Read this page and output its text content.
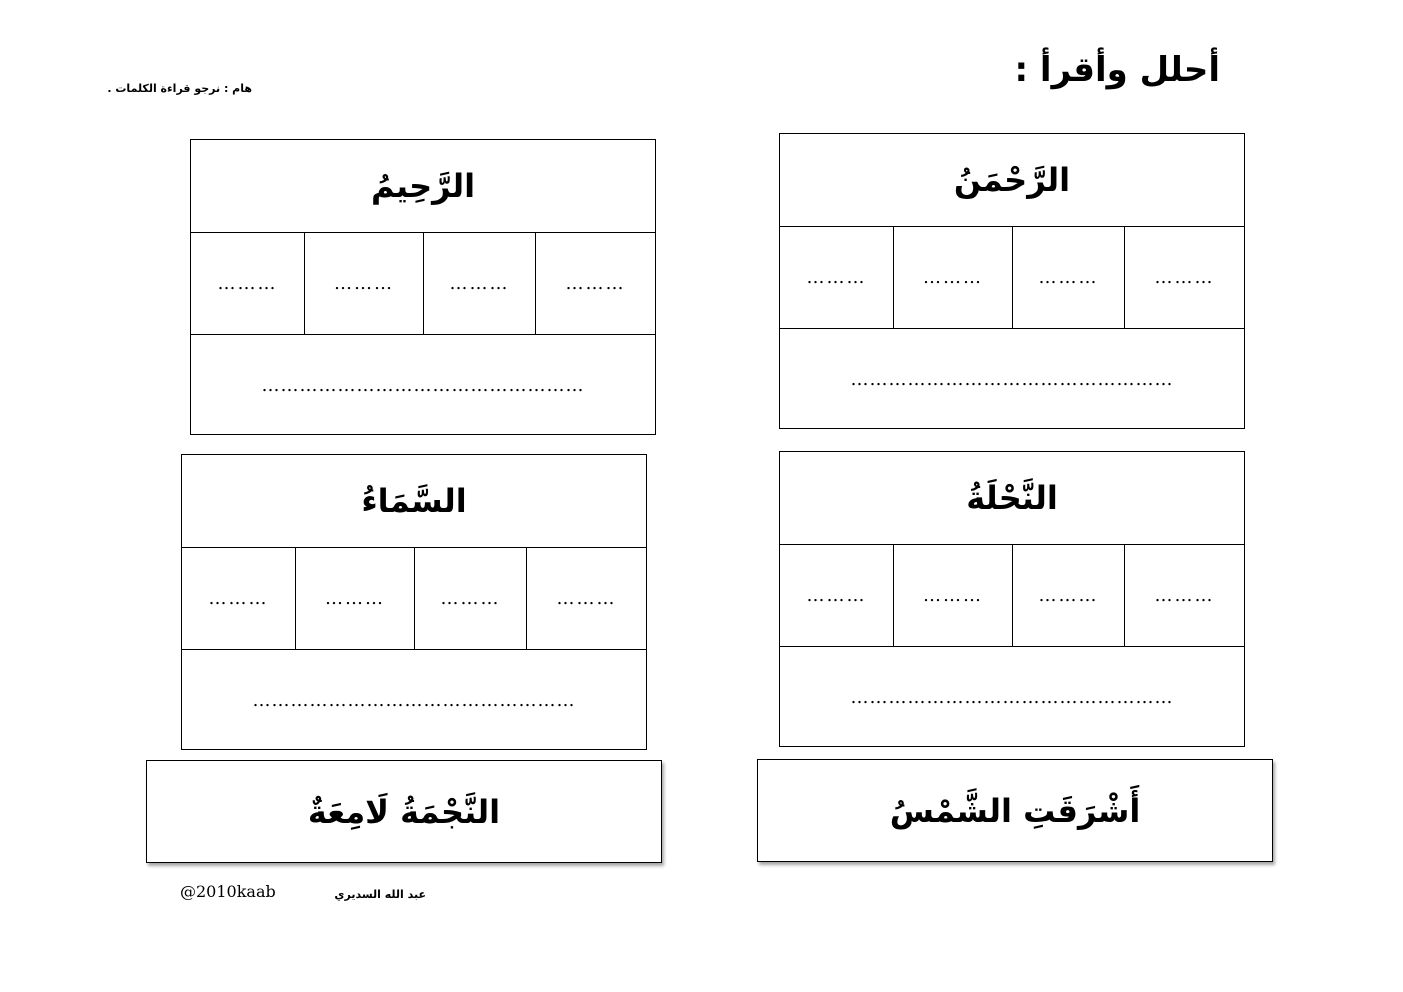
أحلل وأقرأ :
هام : نرجو قراءة الكلمات .
الرَّحْمَنُ
………
………
………
………
……………………………………………
الرَّحِيمُ
………
………
………
………
……………………………………………
النَّحْلَةُ
………
………
………
………
……………………………………………
السَّمَاءُ
………
………
………
………
……………………………………………
أَشْرَقَتِ الشَّمْسُ
النَّجْمَةُ لَامِعَةٌ
عبد الله السديري
@2010kaab
